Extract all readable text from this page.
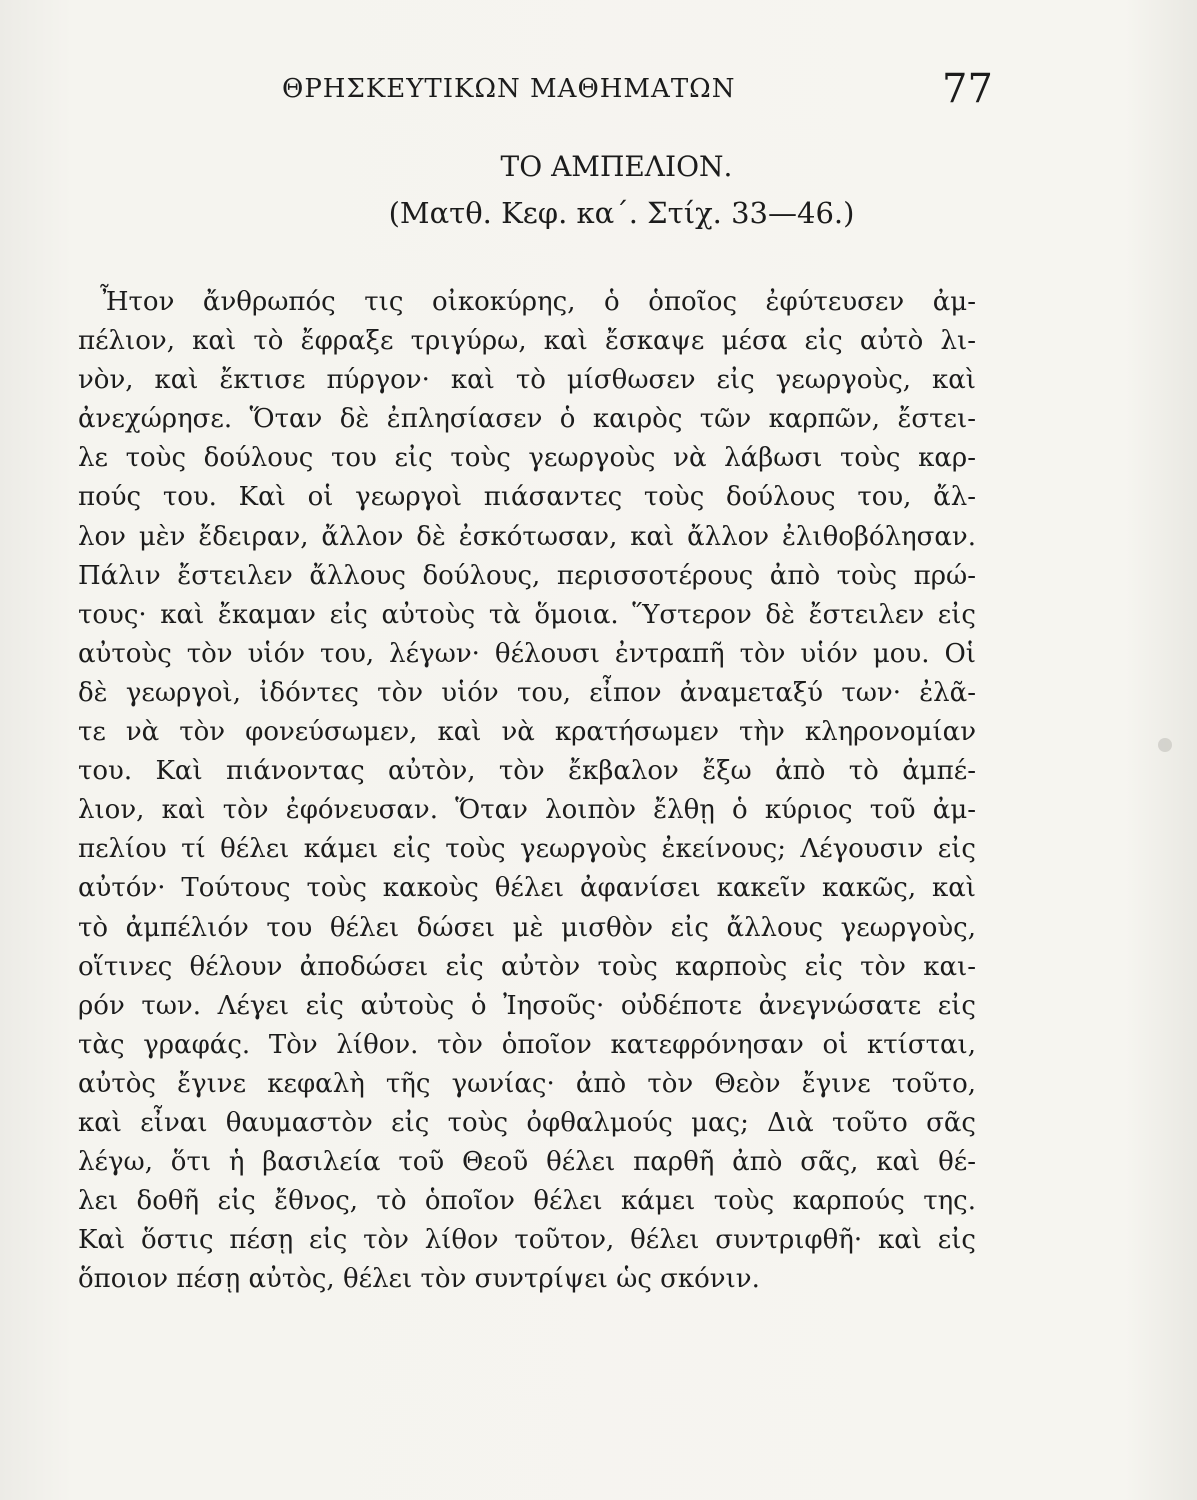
ΘΡΗΣΚΕΥΤΙΚΩΝ ΜΑΘΗΜΑΤΩΝ	77
ΤΟ ΑΜΠΕΛΙΟΝ.
(Ματθ. Κεφ. κα΄. Στίχ. 33—46.)
Ἦτον ἄνθρωπός τις οἰκοκύρης, ὁ ὁποῖος ἐφύτευσεν ἀμ-
πέλιον, καὶ τὸ ἔφραξε τριγύρω, καὶ ἔσκαψε μέσα εἰς αὐτὸ λι-
νὸν, καὶ ἔκτισε πύργον· καὶ τὸ μίσθωσεν εἰς γεωργοὺς, καὶ
ἀνεχώρησε. Ὅταν δὲ ἐπλησίασεν ὁ καιρὸς τῶν καρπῶν, ἔστει-
λε τοὺς δούλους του εἰς τοὺς γεωργοὺς νὰ λάβωσι τοὺς καρ-
πούς του. Καὶ οἱ γεωργοὶ πιάσαντες τοὺς δούλους του, ἄλ-
λον μὲν ἔδειραν, ἄλλον δὲ ἐσκότωσαν, καὶ ἄλλον ἐλιθοβόλησαν.
Πάλιν ἔστειλεν ἄλλους δούλους, περισσοτέρους ἀπὸ τοὺς πρώ-
τους· καὶ ἔκαμαν εἰς αὐτοὺς τὰ ὅμοια. Ὕστερον δὲ ἔστειλεν εἰς
αὐτοὺς τὸν υἱόν του, λέγων· θέλουσι ἐντραπῆ τὸν υἱόν μου. Οἱ
δὲ γεωργοὶ, ἰδόντες τὸν υἱόν του, εἶπον ἀναμεταξύ των· ἐλᾶ-
τε νὰ τὸν φονεύσωμεν, καὶ νὰ κρατήσωμεν τὴν κληρονομίαν
του. Καὶ πιάνοντας αὐτὸν, τὸν ἔκβαλον ἔξω ἀπὸ τὸ ἀμπέ-
λιον, καὶ τὸν ἐφόνευσαν. Ὅταν λοιπὸν ἔλθῃ ὁ κύριος τοῦ ἀμ-
πελίου τί θέλει κάμει εἰς τοὺς γεωργοὺς ἐκείνους; Λέγουσιν εἰς
αὐτόν· Τούτους τοὺς κακοὺς θέλει ἀφανίσει κακεῖν κακῶς, καὶ
τὸ ἀμπέλιόν του θέλει δώσει μὲ μισθὸν εἰς ἄλλους γεωργοὺς,
οἵτινες θέλουν ἀποδώσει εἰς αὐτὸν τοὺς καρποὺς εἰς τὸν και-
ρόν των. Λέγει εἰς αὐτοὺς ὁ Ἰησοῦς· οὐδέποτε ἀνεγνώσατε εἰς
τὰς γραφάς. Τὸν λίθον. τὸν ὁποῖον κατεφρόνησαν οἱ κτίσται,
αὐτὸς ἔγινε κεφαλὴ τῆς γωνίας· ἀπὸ τὸν Θεὸν ἔγινε τοῦτο,
καὶ εἶναι θαυμαστὸν εἰς τοὺς ὀφθαλμούς μας; Διὰ τοῦτο σᾶς
λέγω, ὅτι ἡ βασιλεία τοῦ Θεοῦ θέλει παρθῆ ἀπὸ σᾶς, καὶ θέ-
λει δοθῆ εἰς ἔθνος, τὸ ὁποῖον θέλει κάμει τοὺς καρπούς της.
Καὶ ὅστις πέσῃ εἰς τὸν λίθον τοῦτον, θέλει συντριφθῆ· καὶ εἰς
ὅποιον πέσῃ αὐτὸς, θέλει τὸν συντρίψει ὡς σκόνιν.
